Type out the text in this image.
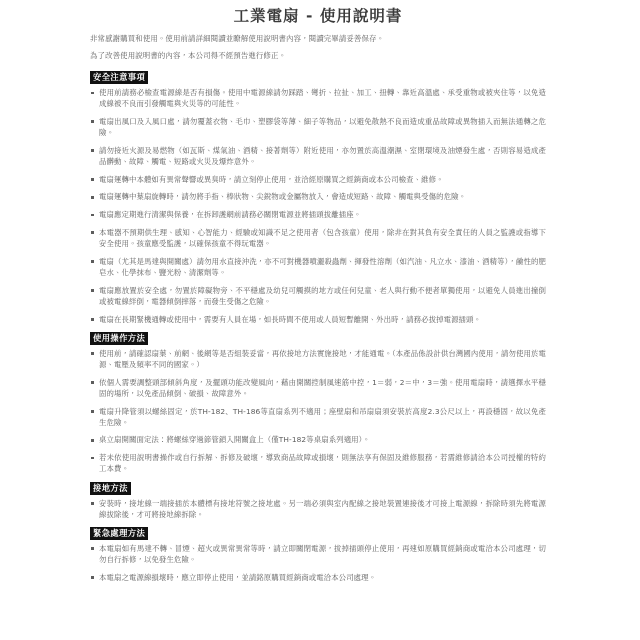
工業電扇 - 使用說明書

非常感謝購買和使用。使用前請詳細閱讀並瞭解使用說明書內容，閱讀完畢請妥善保存。

為了改善使用說明書的內容，本公司得不經預告進行修正。

安全注意事項
使用前請務必檢查電源線是否有損傷。使用中電源線請勿踩踏、彎折、拉扯、加工、扭轉、靠近高溫處、承受重物或被夾住等，以免造成線被不良而引發觸電與火災等的可能性。
電扇出風口及入風口處，請勿覆蓋衣物、毛巾、塑膠袋等薄、細子等物品，以避免散熱不良而造成重品故障或異物插入而無法通轉之危險。
請勿接近火源及易燃物（如瓦斯、煤氣油、酒精、接著劑等）附近使用，亦勿置於高溫潮濕、室閉環境及油煙發生處，否則容易造成產品髒動、故障、觸電、短路或火災及爆炸意外。
電扇運轉中本體如有異常聲響或異臭時，請立刻停止使用，並洽經原購買之經銷商或本公司檢查、維修。
電扇運轉中葉扇旋轉時，請勿將手指、棒狀物、尖銳物或金屬物放入，會造成短路、故障、觸電與受傷的危險。
電扇應定期進行清潔與保養，在拆卸護網前請務必關閉電源並將插頭拔離插座。
本電器不預期供生理、感知、心智能力、經驗或知識不足之使用者（包含孩童）使用，除非在對其負有安全責任的人員之監護或指導下安全使用。孩童應受監護，以確保孩童不得玩電器。
電扇（尤其是馬達與開關處）請勿用水直接沖洗，亦不可對機器噴灑殺蟲劑、揮發性溶劑（如汽油、凡立水、漆油、酒精等），鹼性的肥皂水、化學抹布、鹽光粉、清潔劑等。
電扇應放置於安全處，勿置於障礙物旁、不平穩處及幼兒可觸摸的地方或任何兒童、老人與行動不便者單獨使用，以避免人員進出撞倒或被電線絆倒，電器傾倒摔落，而發生受傷之危險。
電扇在長期緊機通轉或使用中，需要有人員在場，如長時間不使用或人員短暫離開、外出時，請務必拔掉電源插頭。
使用操作方法
使用前，請確認扇葉、前網、後網等是否組裝妥當，再依接地方法實施接地，才能通電。（本產品係設計供台灣國內使用，請勿使用於電源、電壓及頻率不同的國家。）
依個人需要調整頭部傾斜角度，及擺頭功能改變風向，藉由開關控制風速筋中控，1＝弱，2＝中，3＝強。使用電扇時，請選擇水平穩固的場所，以免產品傾倒、破損、故障意外。
電扇升降管須以螺絲固定，於TH-182、TH-186等直扇系列不適用；座壁扇和吊扇扇須安裝於高度2.3公尺以上，再設穩固，故以免產生危險。
桌立扇開關面定法：將螺絲穿過節管鎖入開關盒上（僅TH-182等桌扇系列適用）。
若未依使用說明書操作或自行拆解、拆修及破壞，導致商品故障或損壞，則無法享有保固及維修服務，若需維修請洽本公司授權的特約工本費。
接地方法
安裝時，接地線一端接插於本體標有接地符號之接地處。另一端必須與室內配線之接地裝置連接後才可接上電源線，拆除時須先將電源線拔除後，才可將接地線拆除。
緊急處理方法
本電扇如有馬達不轉、冒煙、超火或異常異常等時，請立即關閉電源，拔掉插頭停止使用，再速如原購買經銷商或電洽本公司處理，切勿自行拆修，以免發生危險。
本電扇之電源線損壞時，應立即停止使用，並請銘原購買經銷商或電洽本公司處理。
